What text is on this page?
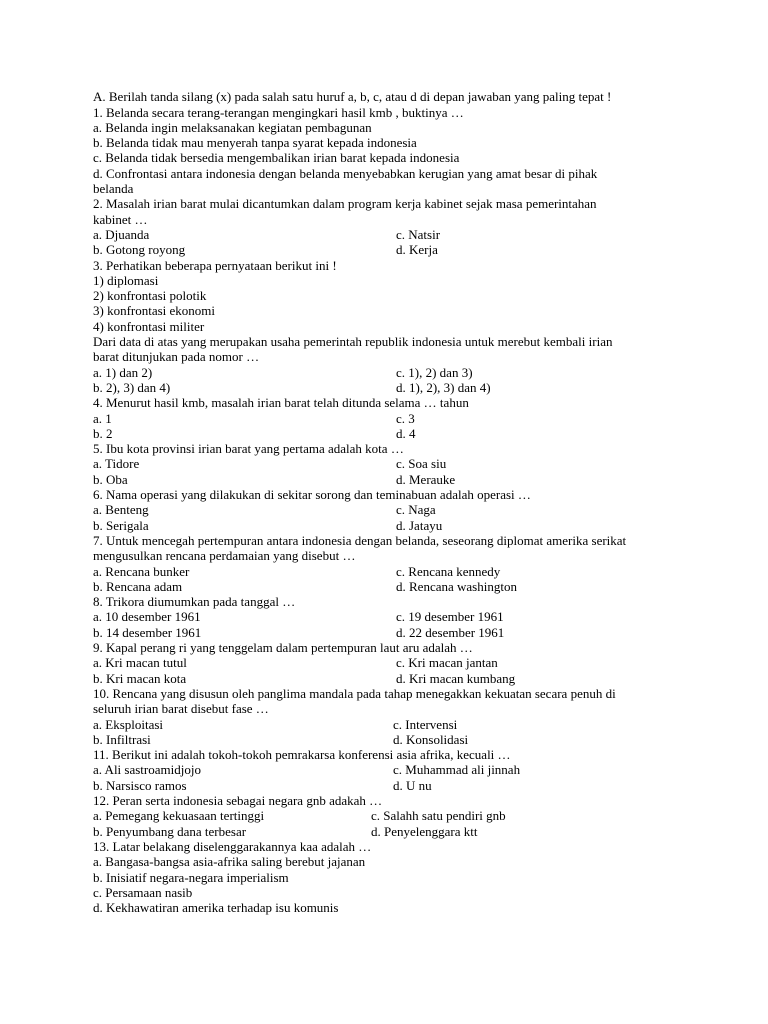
A. Berilah tanda silang (x) pada salah satu huruf a, b, c, atau d di depan jawaban yang paling tepat !
1. Belanda secara terang-terangan mengingkari hasil kmb , buktinya …
a. Belanda ingin melaksanakan kegiatan pembagunan
b. Belanda tidak mau menyerah tanpa syarat kepada indonesia
c. Belanda tidak bersedia mengembalikan irian barat kepada indonesia
d. Confrontasi antara indonesia dengan belanda menyebabkan kerugian yang amat besar di pihak
belanda
2. Masalah irian barat mulai dicantumkan dalam program kerja kabinet sejak masa pemerintahan
kabinet …
a. Djuanda	c. Natsir
b. Gotong royong	d. Kerja
3. Perhatikan beberapa pernyataan berikut ini !
1) diplomasi
2) konfrontasi polotik
3) konfrontasi ekonomi
4) konfrontasi militer
Dari data di atas yang merupakan usaha pemerintah republik indonesia untuk merebut kembali irian
barat ditunjukan pada nomor …
a. 1) dan 2)	c. 1), 2) dan 3)
b. 2), 3) dan 4)	d. 1), 2), 3) dan 4)
4. Menurut hasil kmb, masalah irian barat telah ditunda selama … tahun
a. 1	c. 3
b. 2	d. 4
5. Ibu kota provinsi irian barat yang pertama adalah kota …
a. Tidore	c. Soa siu
b. Oba	d. Merauke
6. Nama operasi yang dilakukan di sekitar sorong dan teminabuan adalah operasi …
a. Benteng	c. Naga
b. Serigala	d. Jatayu
7. Untuk mencegah pertempuran antara indonesia dengan belanda, seseorang diplomat amerika serikat
mengusulkan rencana perdamaian yang disebut …
a. Rencana bunker	c. Rencana kennedy
b. Rencana adam	d. Rencana washington
8. Trikora diumumkan pada tanggal …
a. 10 desember 1961	c. 19 desember 1961
b. 14 desember 1961	d. 22 desember 1961
9. Kapal perang ri yang tenggelam dalam pertempuran laut aru adalah …
a. Kri macan tutul	c. Kri macan jantan
b. Kri macan kota	d. Kri macan kumbang
10. Rencana yang disusun oleh panglima mandala pada tahap menegakkan kekuatan secara penuh di
seluruh irian barat disebut fase …
a. Eksploitasi	c. Intervensi
b. Infiltrasi	d. Konsolidasi
11. Berikut ini adalah tokoh-tokoh pemrakarsa konferensi asia afrika, kecuali …
a. Ali sastroamidjojo	c. Muhammad ali jinnah
b. Narsisco ramos	d. U nu
12. Peran serta indonesia sebagai negara gnb adakah …
a. Pemegang kekuasaan tertinggi	c. Salahh satu pendiri gnb
b. Penyumbang dana terbesar	d. Penyelenggara ktt
13. Latar belakang diselenggarakannya kaa adalah …
a. Bangasa-bangsa asia-afrika saling berebut jajanan
b. Inisiatif negara-negara imperialism
c. Persamaan nasib
d. Kekhawatiran amerika terhadap isu komunis
